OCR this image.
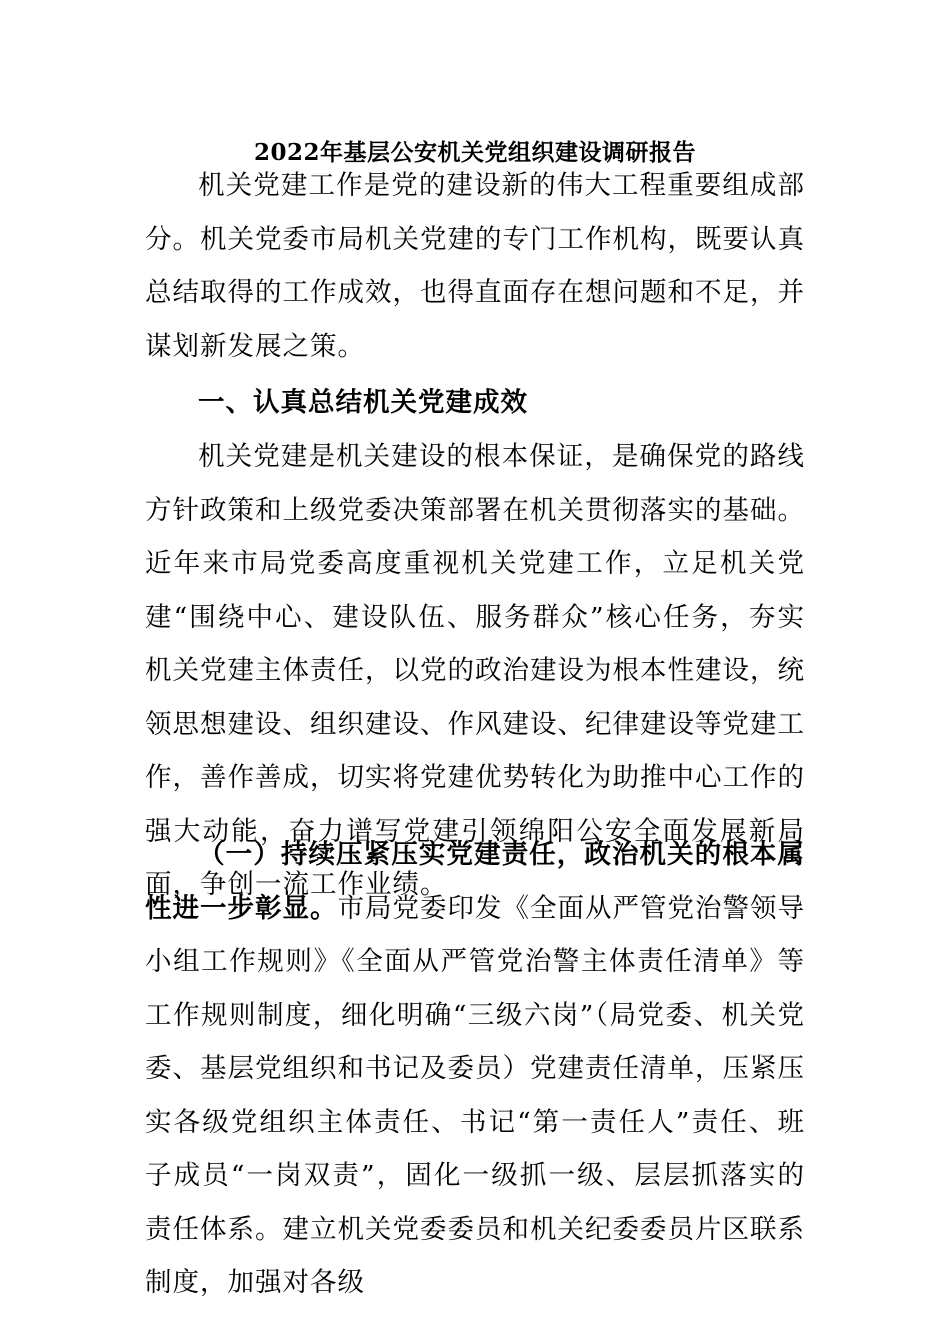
2022年基层公安机关党组织建设调研报告

机关党建工作是党的建设新的伟大工程重要组成部分。机关党委市局机关党建的专门工作机构，既要认真总结取得的工作成效，也得直面存在想问题和不足，并谋划新发展之策。

一、认真总结机关党建成效

机关党建是机关建设的根本保证，是确保党的路线方针政策和上级党委决策部署在机关贯彻落实的基础。近年来市局党委高度重视机关党建工作，立足机关党建“围绕中心、建设队伍、服务群众”核心任务，夯实机关党建主体责任，以党的政治建设为根本性建设，统领思想建设、组织建设、作风建设、纪律建设等党建工作，善作善成，切实将党建优势转化为助推中心工作的强大动能，奋力谱写党建引领绵阳公安全面发展新局面，争创一流工作业绩。

（一）持续压紧压实党建责任，政治机关的根本属性进一步彰显。市局党委印发《全面从严管党治警领导小组工作规则》《全面从严管党治警主体责任清单》等工作规则制度，细化明确“三级六岗”（局党委、机关党委、基层党组织和书记及委员）党建责任清单，压紧压实各级党组织主体责任、书记“第一责任人”责任、班子成员“一岗双责”，固化一级抓一级、层层抓落实的责任体系。建立机关党委委员和机关纪委委员片区联系制度，加强对各级
